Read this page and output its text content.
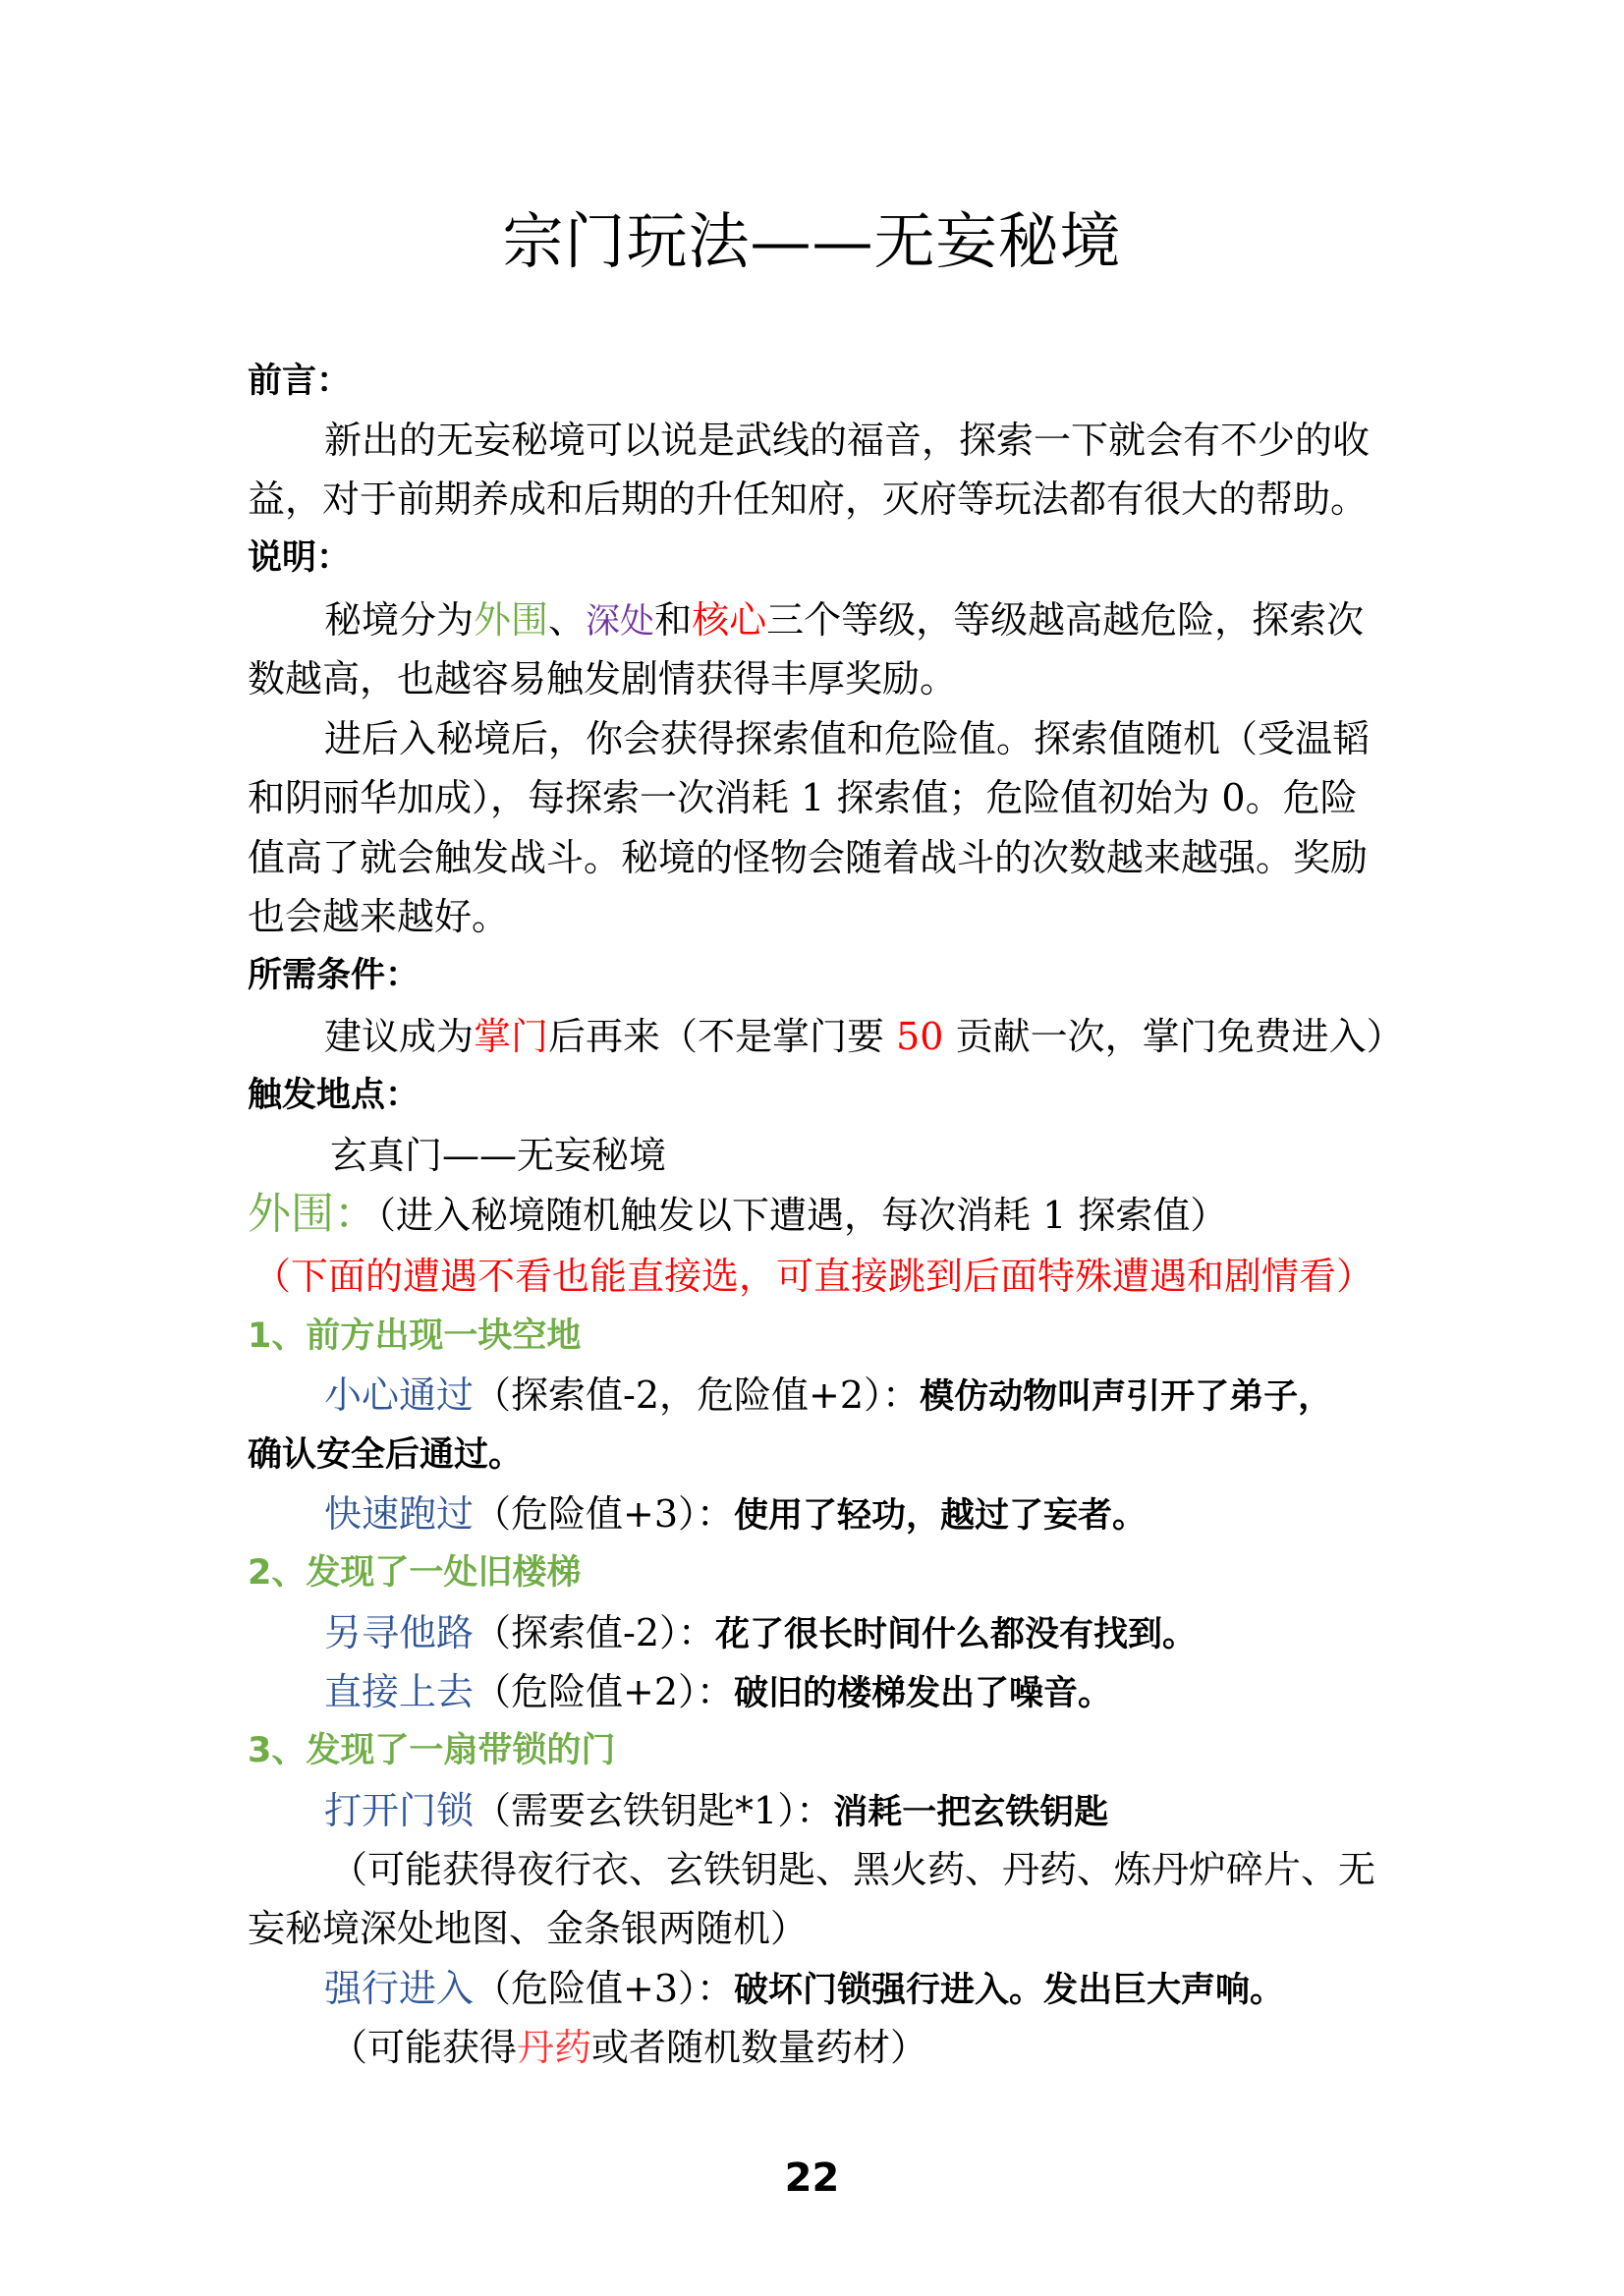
宗门玩法——无妄秘境
前言：
新出的无妄秘境可以说是武线的福音，探索一下就会有不少的收
益，对于前期养成和后期的升任知府，灭府等玩法都有很大的帮助。
说明：
秘境分为外围、深处和核心三个等级，等级越高越危险，探索次
数越高，也越容易触发剧情获得丰厚奖励。
进后入秘境后，你会获得探索值和危险值。探索值随机（受温韬
和阴丽华加成），每探索一次消耗 1 探索值；危险值初始为 0。危险
值高了就会触发战斗。秘境的怪物会随着战斗的次数越来越强。奖励
也会越来越好。
所需条件：
建议成为掌门后再来（不是掌门要 50 贡献一次，掌门免费进入）
触发地点：
玄真门——无妄秘境
外围：（进入秘境随机触发以下遭遇，每次消耗 1 探索值）
（下面的遭遇不看也能直接选，可直接跳到后面特殊遭遇和剧情看）
1、前方出现一块空地
小心通过（探索值-2，危险值+2）：模仿动物叫声引开了弟子，
确认安全后通过。
快速跑过（危险值+3）：使用了轻功，越过了妄者。
2、发现了一处旧楼梯
另寻他路（探索值-2）：花了很长时间什么都没有找到。
直接上去（危险值+2）：破旧的楼梯发出了噪音。
3、发现了一扇带锁的门
打开门锁（需要玄铁钥匙*1）：消耗一把玄铁钥匙
（可能获得夜行衣、玄铁钥匙、黑火药、丹药、炼丹炉碎片、无
妄秘境深处地图、金条银两随机）
强行进入（危险值+3）：破坏门锁强行进入。发出巨大声响。
（可能获得丹药或者随机数量药材）
22
